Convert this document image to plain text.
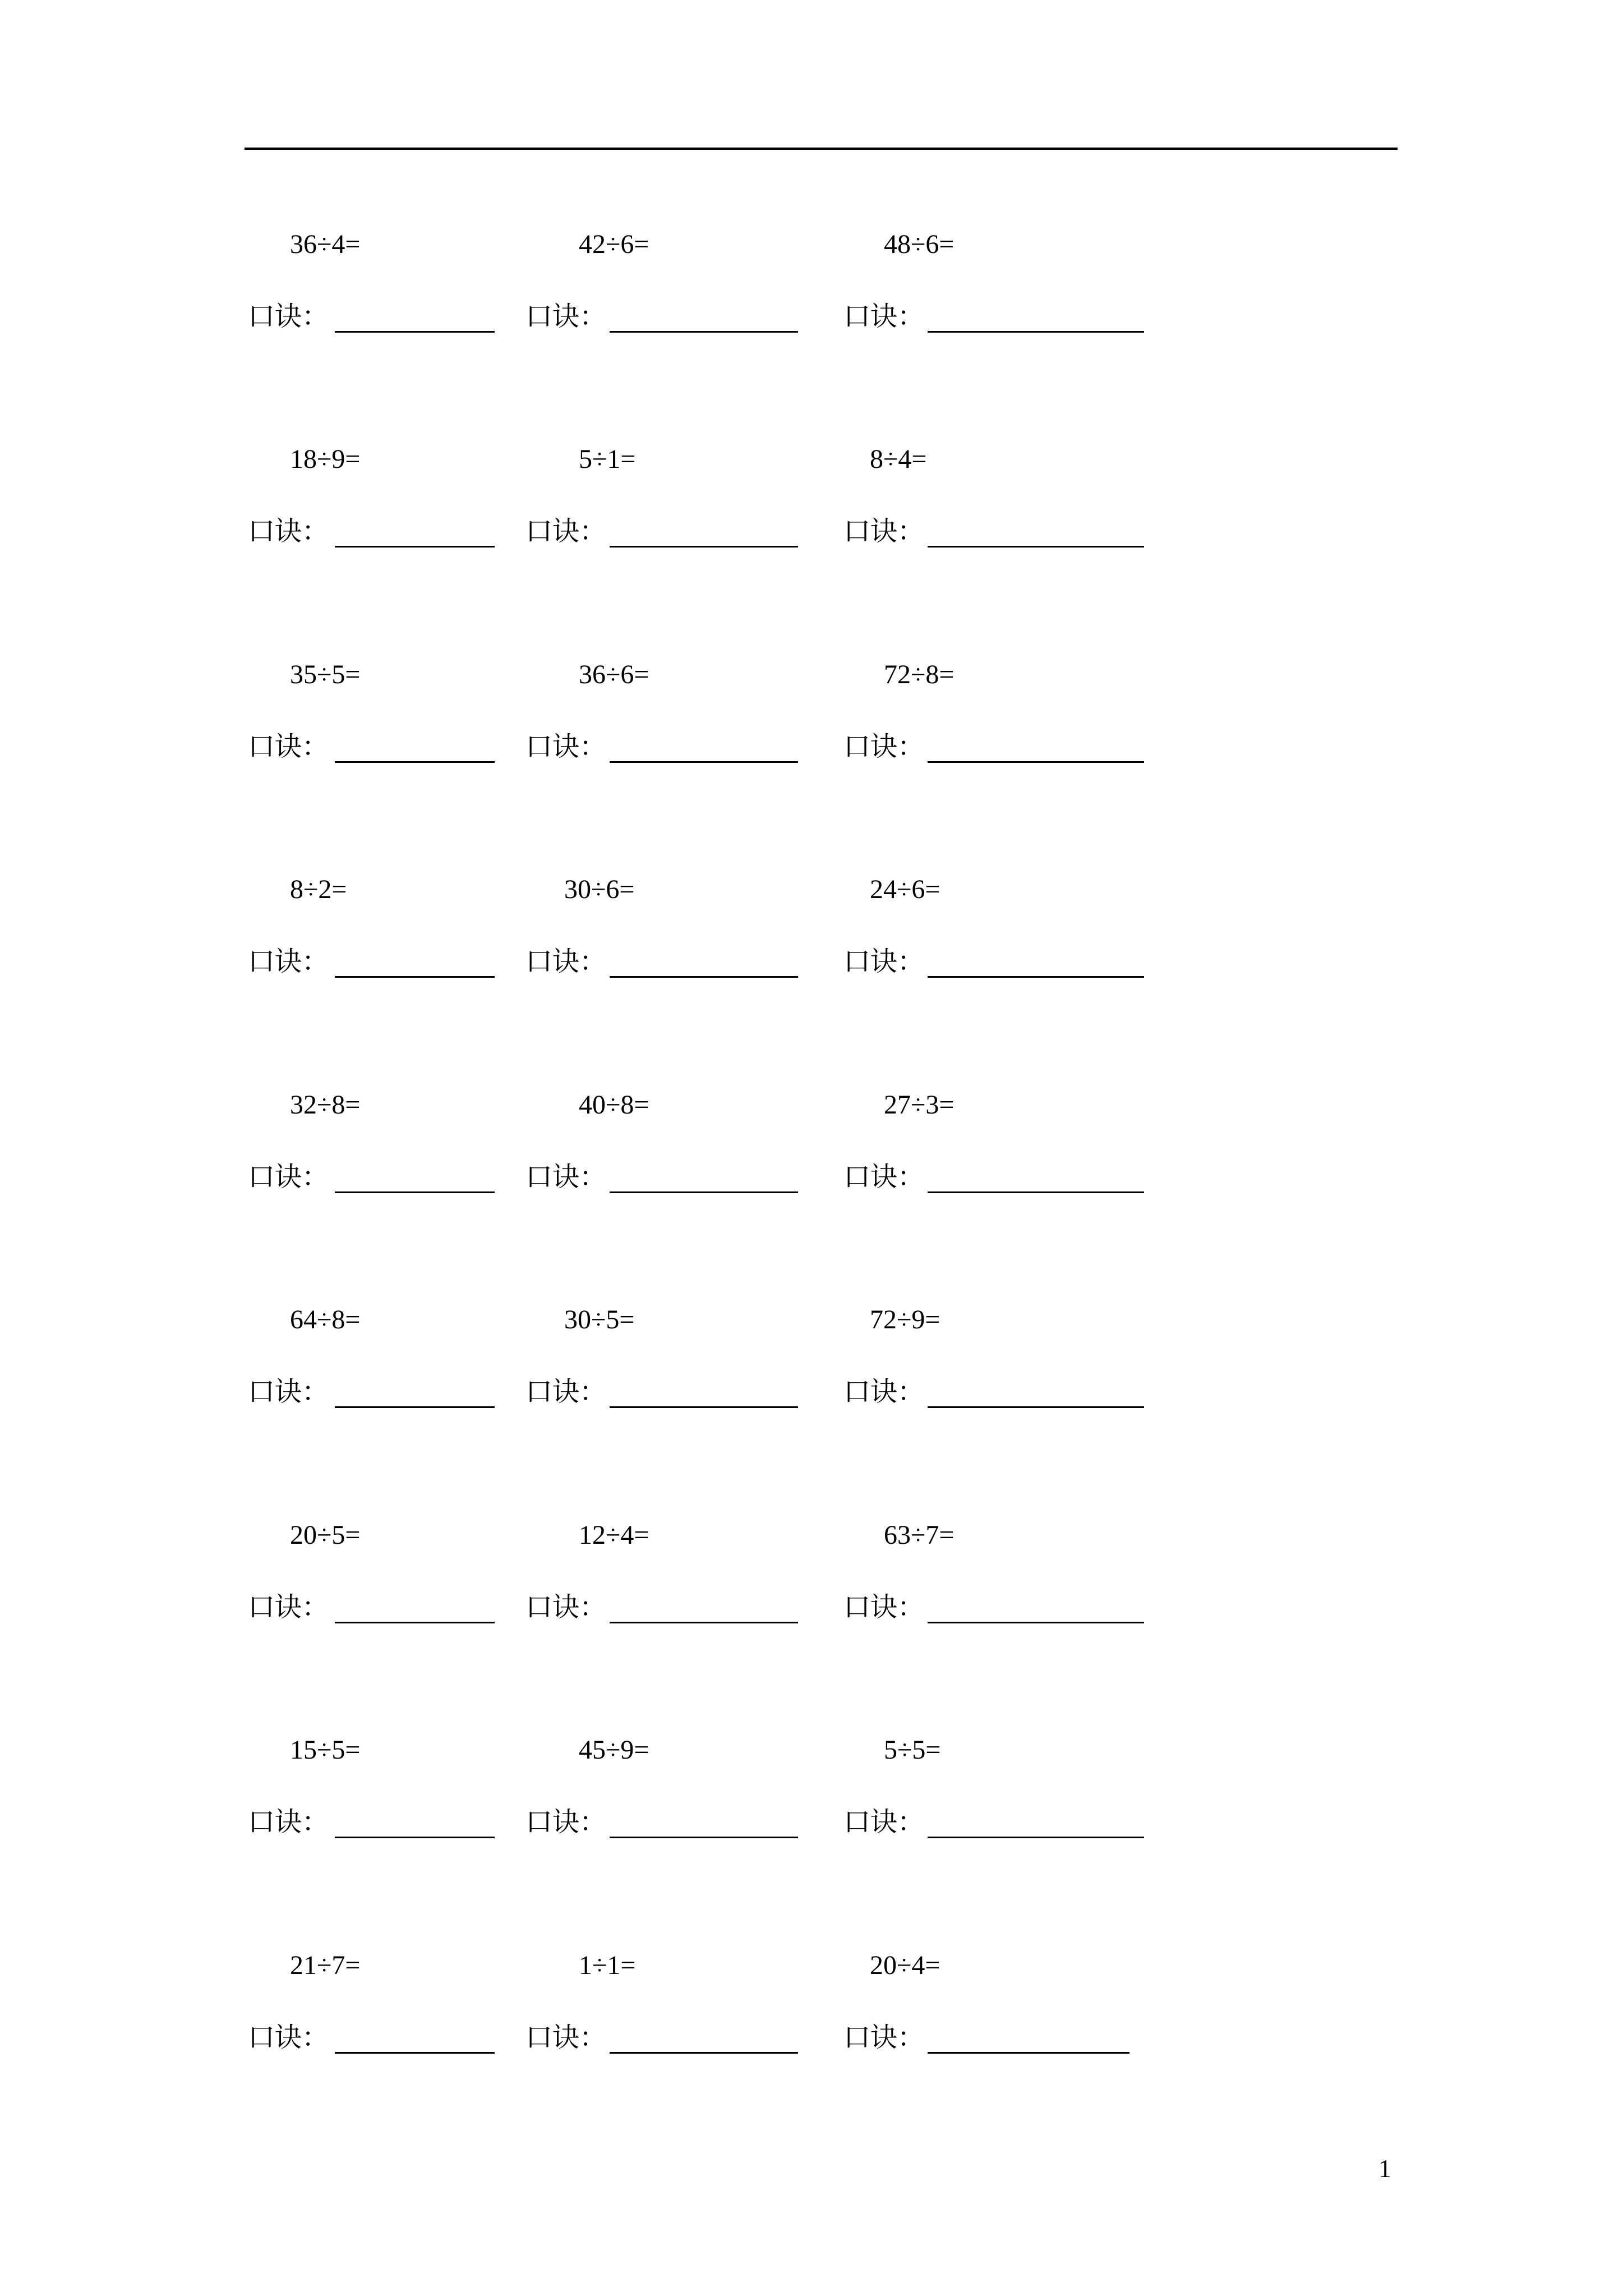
36÷4=
口诀：
42÷6=
口诀：
48÷6=
口诀：
18÷9=
口诀：
5÷1=
口诀：
8÷4=
口诀：
35÷5=
口诀：
36÷6=
口诀：
72÷8=
口诀：
8÷2=
口诀：
30÷6=
口诀：
24÷6=
口诀：
32÷8=
口诀：
40÷8=
口诀：
27÷3=
口诀：
64÷8=
口诀：
30÷5=
口诀：
72÷9=
口诀：
20÷5=
口诀：
12÷4=
口诀：
63÷7=
口诀：
15÷5=
口诀：
45÷9=
口诀：
5÷5=
口诀：
21÷7=
口诀：
1÷1=
口诀：
20÷4=
口诀：
1
